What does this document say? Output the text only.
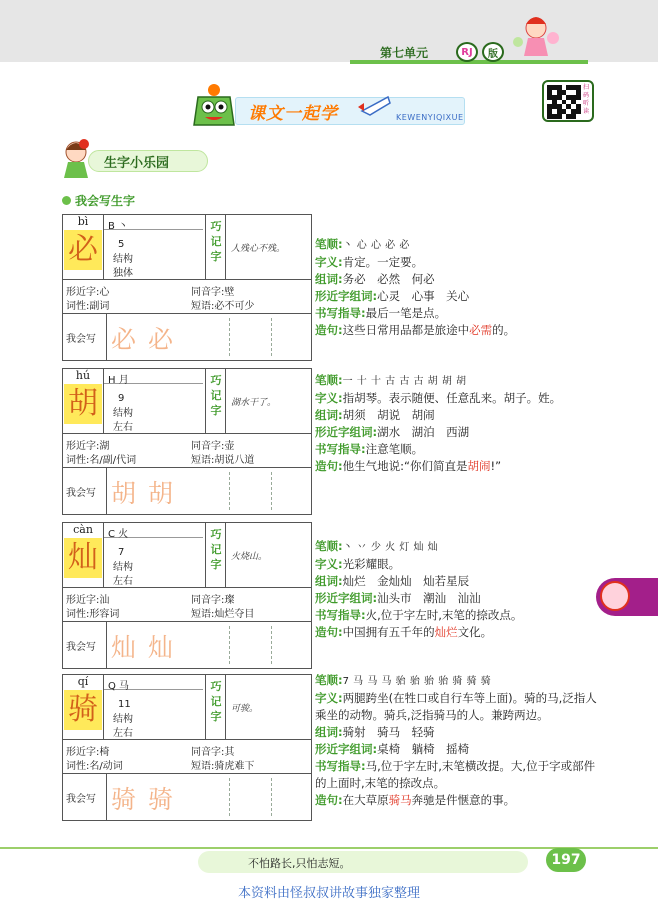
第七单元	RJ	版
课文一起学	KEWENYIQIXUE
扫码听读
生字小乐园
我会写生字
bì
必
B 丶
5
结构
独体
巧记字
人残心不残。
形近字:心	同音字:壁
词性:副词	短语:必不可少
我会写 必必
hú
胡
H 月
9
结构
左右
巧记字
湖水干了。
形近字:湖	同音字:壶
词性:名/副/代词	短语:胡说八道
我会写 胡胡
càn
灿
C 火
7
结构
左右
巧记字
火烧山。
形近字:汕	同音字:璨
词性:形容词	短语:灿烂夺目
我会写 灿灿
qí
骑
Q 马
11
结构
左右
巧记字
可骏。
形近字:椅	同音字:其
词性:名/动词	短语:骑虎难下
我会写 骑骑
笔顺:丶 心 心 必 必
字义:肯定。一定要。
组词:务必　必然　何必
形近字组词:心灵　心事　关心
书写指导:最后一笔是点。
造句:这些日常用品都是旅途中必需的。
笔顺:一 十 十 古 古 古 胡 胡 胡
字义:指胡琴。表示随便、任意乱来。胡子。姓。
组词:胡须　胡说　胡闹
形近字组词:湖水　湖泊　西湖
书写指导:注意笔顺。
造句:他生气地说:“你们简直是胡闹!”
笔顺:丶 丷 少 火 灯 灿 灿
字义:光彩耀眼。
组词:灿烂　金灿灿　灿若星辰
形近字组词:汕头市　潮汕　汕汕
书写指导:火,位于字左时,末笔的捺改点。
造句:中国拥有五千年的灿烂文化。
笔顺:7 马 马 马 骀 骀 骀 骀 骑 骑 骑
字义:两腿跨坐(在牲口或自行车等上面)。骑的马,泛指人乘坐的动物。骑兵,泛指骑马的人。兼跨两边。
组词:骑射　骑马　轻骑
形近字组词:桌椅　躺椅　摇椅
书写指导:马,位于字左时,末笔横改提。大,位于字或部件的上面时,末笔的捺改点。
造句:在大草原骑马奔驰是件惬意的事。
不怕路长,只怕志短。	197
本资料由怪叔叔讲故事独家整理
